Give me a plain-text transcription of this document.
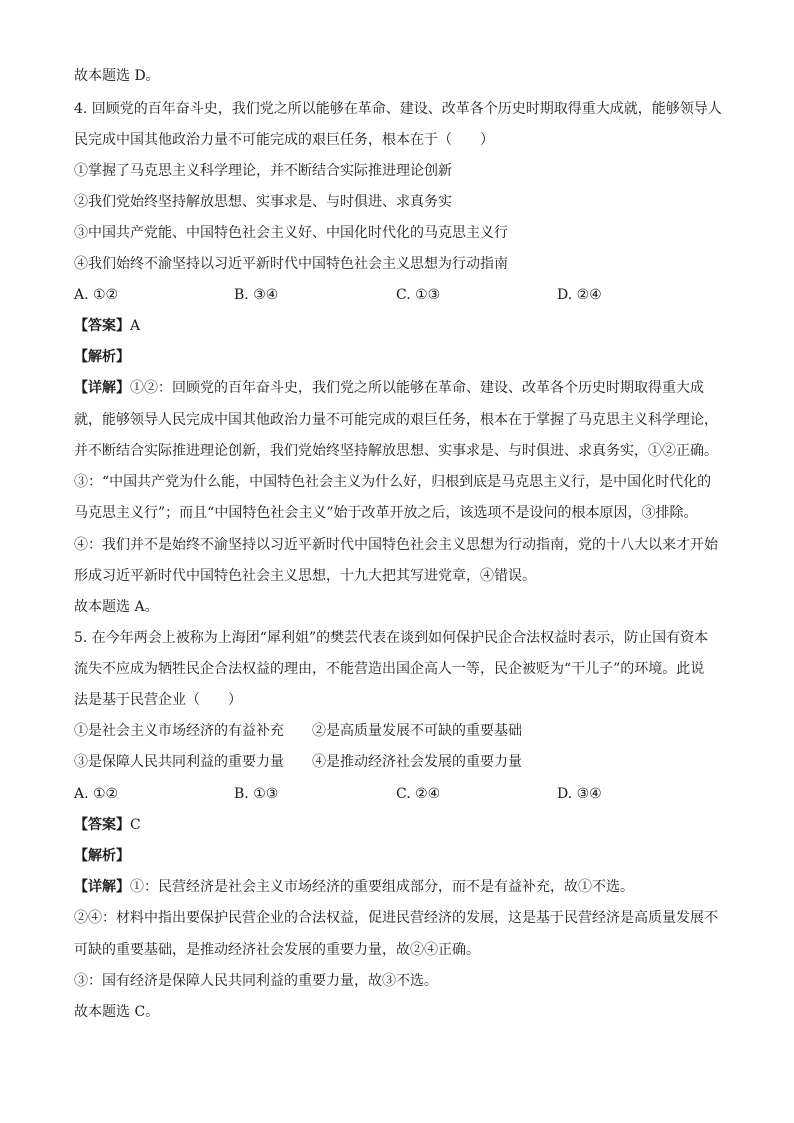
故本题选 D。
4. 回顾党的百年奋斗史，我们党之所以能够在革命、建设、改革各个历史时期取得重大成就，能够领导人
民完成中国其他政治力量不可能完成的艰巨任务，根本在于（　　）
①掌握了马克思主义科学理论，并不断结合实际推进理论创新
②我们党始终坚持解放思想、实事求是、与时俱进、求真务实
③中国共产党能、中国特色社会主义好、中国化时代化的马克思主义行
④我们始终不渝坚持以习近平新时代中国特色社会主义思想为行动指南
A. ①②	B. ③④	C. ①③	D. ②④
【答案】A
【解析】
【详解】①②：回顾党的百年奋斗史，我们党之所以能够在革命、建设、改革各个历史时期取得重大成
就，能够领导人民完成中国其他政治力量不可能完成的艰巨任务，根本在于掌握了马克思主义科学理论，
并不断结合实际推进理论创新，我们党始终坚持解放思想、实事求是、与时俱进、求真务实，①②正确。
③：“中国共产党为什么能，中国特色社会主义为什么好，归根到底是马克思主义行，是中国化时代化的
马克思主义行”；而且“中国特色社会主义”始于改革开放之后，该选项不是设问的根本原因，③排除。
④：我们并不是始终不渝坚持以习近平新时代中国特色社会主义思想为行动指南，党的十八大以来才开始
形成习近平新时代中国特色社会主义思想，十九大把其写进党章，④错误。
故本题选 A。
5. 在今年两会上被称为上海团“犀利姐”的樊芸代表在谈到如何保护民企合法权益时表示，防止国有资本
流失不应成为牺牲民企合法权益的理由，不能营造出国企高人一等，民企被贬为“干儿子”的环境。此说
法是基于民营企业（　　）
①是社会主义市场经济的有益补充 ②是高质量发展不可缺的重要基础
③是保障人民共同利益的重要力量 ④是推动经济社会发展的重要力量
A. ①②	B. ①③	C. ②④	D. ③④
【答案】C
【解析】
【详解】①：民营经济是社会主义市场经济的重要组成部分，而不是有益补充，故①不选。
②④：材料中指出要保护民营企业的合法权益，促进民营经济的发展，这是基于民营经济是高质量发展不
可缺的重要基础，是推动经济社会发展的重要力量，故②④正确。
③：国有经济是保障人民共同利益的重要力量，故③不选。
故本题选 C。
